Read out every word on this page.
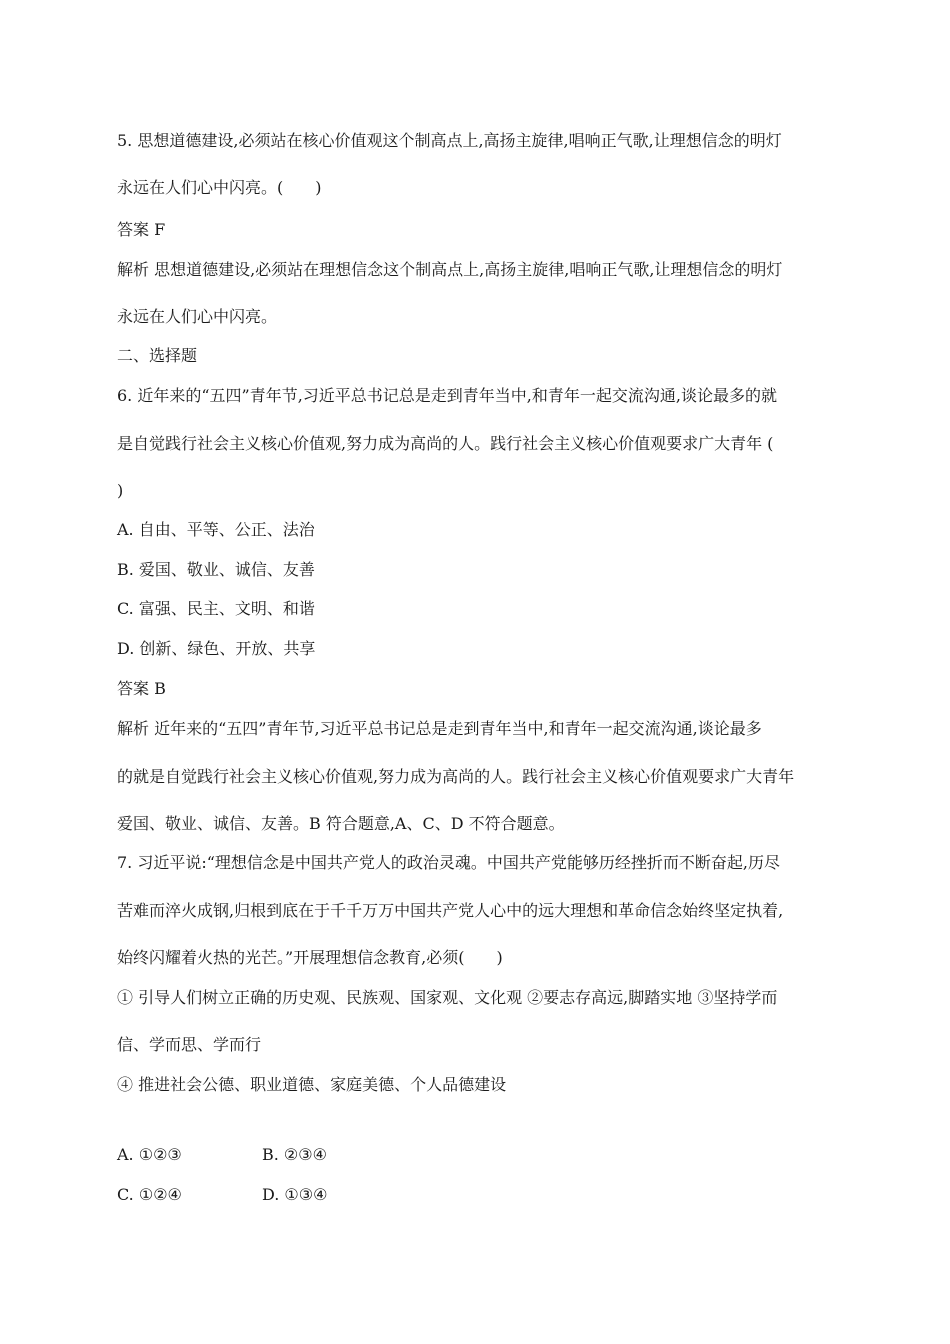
5. 思想道德建设,必须站在核心价值观这个制高点上,高扬主旋律,唱响正气歌,让理想信念的明灯
永远在人们心中闪亮。(　　)
答案 F
解析 思想道德建设,必须站在理想信念这个制高点上,高扬主旋律,唱响正气歌,让理想信念的明灯
永远在人们心中闪亮。
二、选择题
6. 近年来的“五四”青年节,习近平总书记总是走到青年当中,和青年一起交流沟通,谈论最多的就
是自觉践行社会主义核心价值观,努力成为高尚的人。践行社会主义核心价值观要求广大青年 (
)
A. 自由、平等、公正、法治
B. 爱国、敬业、诚信、友善
C. 富强、民主、文明、和谐
D. 创新、绿色、开放、共享
答案 B
解析 近年来的“五四”青年节,习近平总书记总是走到青年当中,和青年一起交流沟通,谈论最多
的就是自觉践行社会主义核心价值观,努力成为高尚的人。践行社会主义核心价值观要求广大青年
爱国、敬业、诚信、友善。B 符合题意,A、C、D 不符合题意。
7. 习近平说:“理想信念是中国共产党人的政治灵魂。中国共产党能够历经挫折而不断奋起,历尽
苦难而淬火成钢,归根到底在于千千万万中国共产党人心中的远大理想和革命信念始终坚定执着,
始终闪耀着火热的光芒。”开展理想信念教育,必须(　　)
① 引导人们树立正确的历史观、民族观、国家观、文化观 ②要志存高远,脚踏实地 ③坚持学而
信、学而思、学而行
④ 推进社会公德、职业道德、家庭美德、个人品德建设
A. ①②③	B. ②③④
C. ①②④	D. ①③④
